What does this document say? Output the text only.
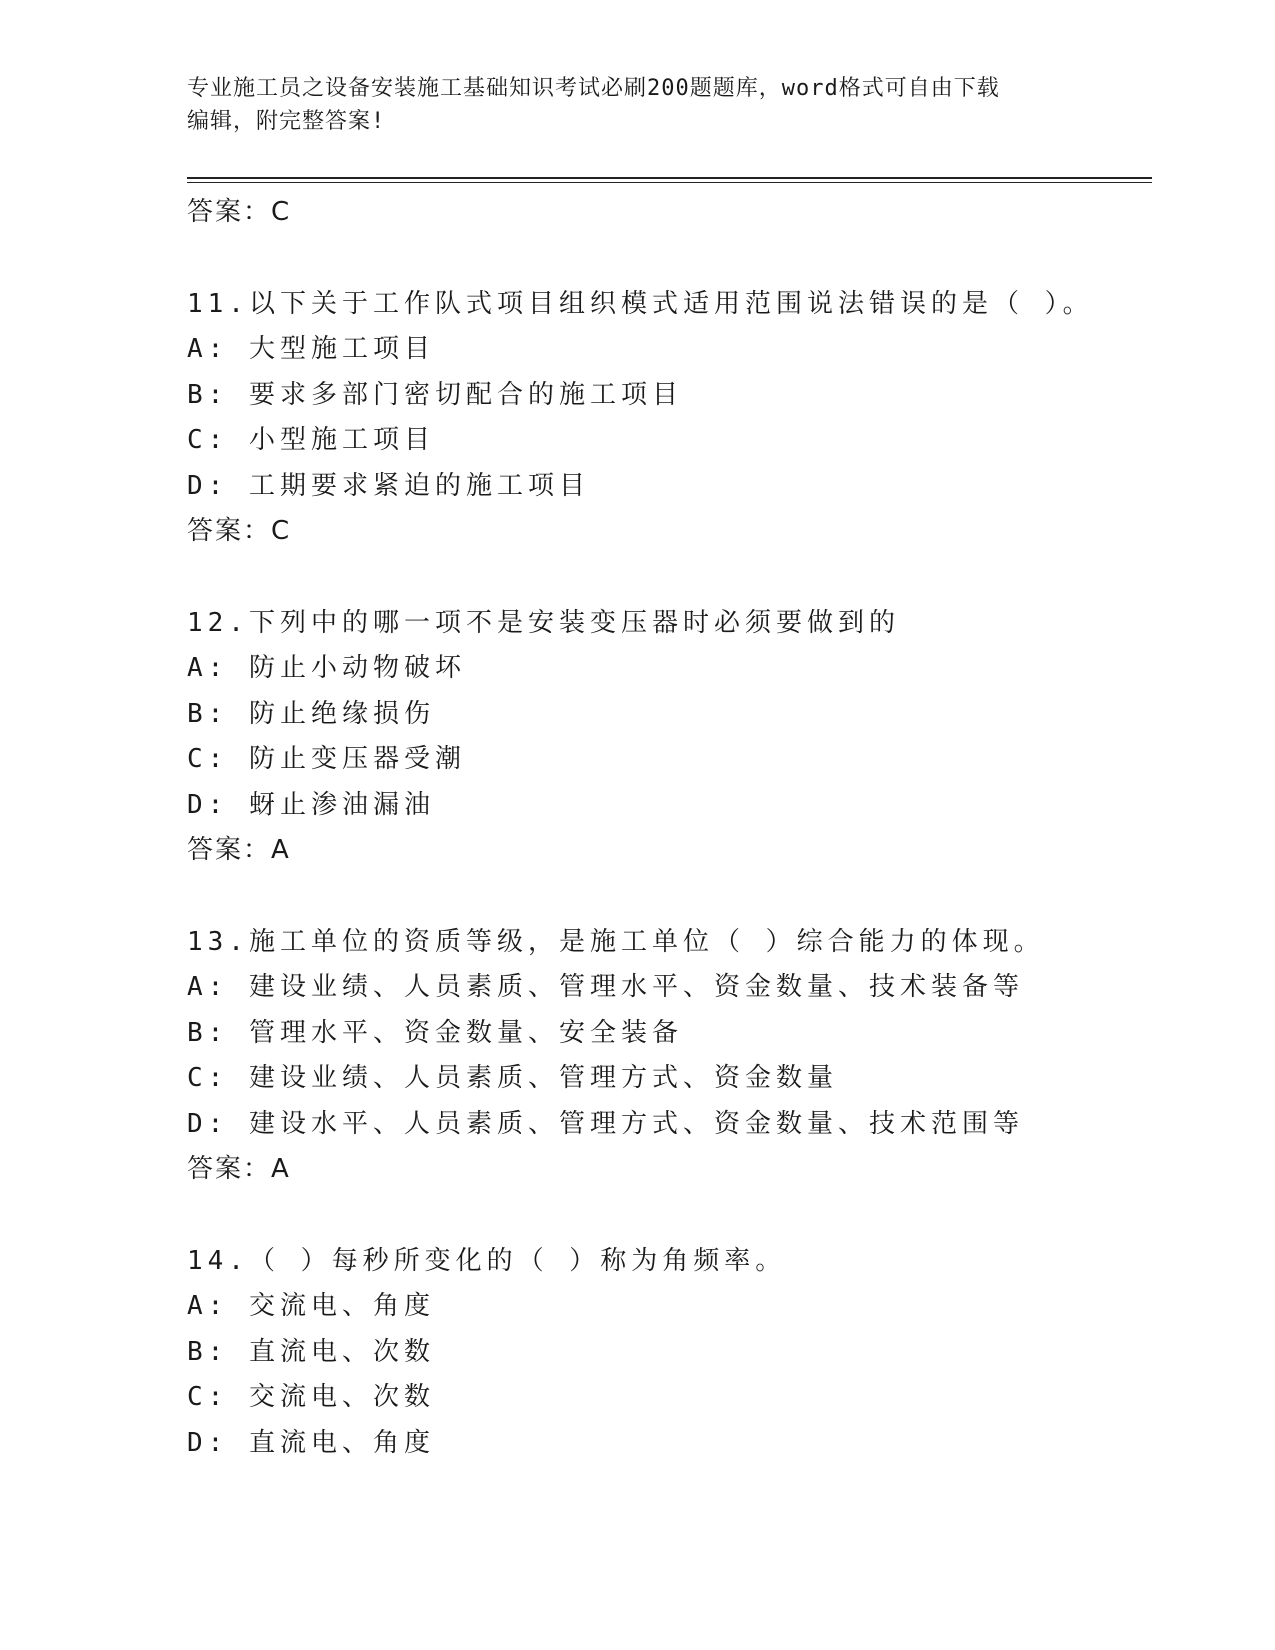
专业施工员之设备安装施工基础知识考试必刷200题题库，word格式可自由下载
编辑，附完整答案!
答案：C
11.以下关于工作队式项目组织模式适用范围说法错误的是（ ）。
A: 大型施工项目
B: 要求多部门密切配合的施工项目
C: 小型施工项目
D: 工期要求紧迫的施工项目
答案：C
12.下列中的哪一项不是安装变压器时必须要做到的
A: 防止小动物破坏
B: 防止绝缘损伤
C: 防止变压器受潮
D: 蚜止渗油漏油
答案：A
13.施工单位的资质等级，是施工单位（ ）综合能力的体现。
A: 建设业绩、人员素质、管理水平、资金数量、技术装备等
B: 管理水平、资金数量、安全装备
C: 建设业绩、人员素质、管理方式、资金数量
D: 建设水平、人员素质、管理方式、资金数量、技术范围等
答案：A
14.（ ）每秒所变化的（ ）称为角频率。
A: 交流电、角度
B: 直流电、次数
C: 交流电、次数
D: 直流电、角度
